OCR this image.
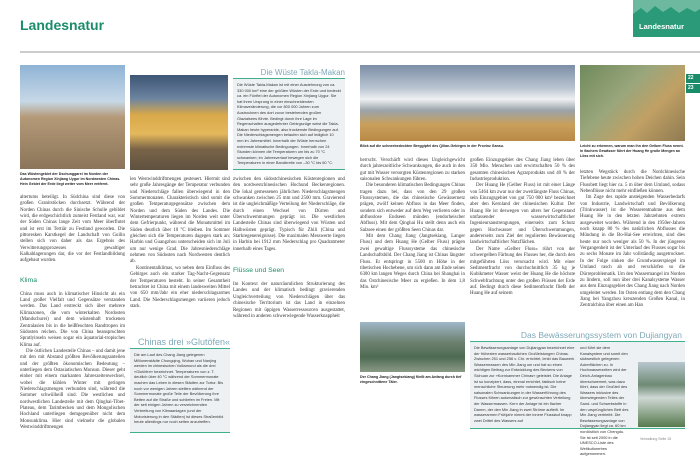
Landesnatur	Landesnatur
22
23
Das Wüstengebiet der Dschunggarei im Norden der Autonomen Region Xinjiang Uygur im Nordwesten Chinas. Hein Gebiet der Erde liegt weiter vom Meer entfernt.

altertums beteiligt. In Südchina sind diese von großen Granitstöcken durchsetzt. Während der Norden Chinas durch die Sinische Scholle gebildet wird, die erdgeschichtlich zumeist Festland war, war der Süden Chinas lange Zeit vom Meer überflutet und ist erst im Tertiär zu Festland geworden. Die pittoresken Karstkegel der Landschaft von Guilin stellen sich von daher als das Ergebnis des Verwitterungsprozesses gewaltiger Kalkablagerungen dar, die vor der Festlandbildung aufgebaut wurden.

Klima

China muss auch in klimatischer Hinsicht als ein Land großer Vielfalt und Gegensätze verstanden werden. Das Land erstreckt sich über mehrere Klimazonen, die vom winterkalten Nordosten (Mandschurei) und dem wüstenhaft trockenen Zentralasien bis in die heißfeuchten Randtropen im Südosten reichen. Die von China beanspruchten Spratlyinseln weisen sogar ein äquatorial-tropisches Klima auf.

Die östlichen Landesteile Chinas – und damit jene mit den mit Abstand größten Bevölkerungsanteilen und der größten ökonomischen Bedeutung – unterliegen dem Ostasiatischen Monsun. Dieser geht einher mit einem markanten Jahreszeitenwechsel, wobei die kühlen Winter mit geringen Niederschlagsmengen verbunden sind, während die Sommer schwülheiß sind. Die westlichen und nordwestlichen Landesteile mit dem Qinghai-Tibet-Plateau, dem Tarimbecken und dem Mongolischen Hochland unterliegen demgegenüber nicht dem Monsunklima. Hier sind vielmehr die globalen Westwinddriftmengen

len Westwinddriftmengen gesteuert. Hiermit sind sehr große Jahresgänge der Temperatur verbunden und Niederschläge fallen überwiegend in den Sommermonaten. Charakteristisch sind somit die großen Temperaturgegensätze zwischen dem Norden und dem Süden des Landes. Die Wintertemperaturen liegen im Norden weit unter dem Gefrierpunkt, während die Monatsmittel im Süden deutlich über 10 °C bleiben. Im Sommer gleichen sich die Temperaturen dagegen stark an; Harbin und Guangzhou unterscheiden sich im Juli um nur wenige Grad. Die Jahresniederschläge nehmen von Südosten nach Nordwesten deutlich ab.

Kontinentalklimas, wo neben dem Einfluss des Gebirges auch ein starker Tag-Nacht-Gegensatz der Temperaturen besteht. In seiner Gesamtheit betrachtet ist China mit einem landesweiten Mittel von 650 mm/Jahr ein eher niederschlagsarmes Land. Die Niederschlagsmengen variieren jedoch stark.

Chinas drei »Glutöfen«
Die am Lauf des Chang Jiang gelegenen Millionenstädte Chongqing, Wuhan und Nanjing werden im chinesischen Volksmund als die drei »Glutöfen« bezeichnet. Temperaturen von z. T. deutlich über 40 °C während der Sommermonate machen das Leben in diesen Städten zur Tortur. Bis noch vor wenigen Jahren stellten während der Sommermonate große Teile der Bevölkerung ihre Betten auf die Straße und schliefen im Freien. Mit der seit einigen Jahren zu verzeichnenden Verbreitung von Klimaanlagen (und der Motorisierung in den Städten) ist dieses Straßenbild heute allerdings nur noch selten anzutreffen.
Die Wüste Takla-Makan
Die Wüste Takla-Makan ist mit einer Ausdehnung von ca. 330 000 km² eine der größten Wüsten der Erde und bedeckt ca. ein Fünftel der Autonomen Region Xinjiang Uygur. Sie hat ihren Ursprung in einer einschneidenden Klimaveränderung, die vor 800 000 Jahren zum Austrocknen des dort zuvor bestehenden großen Glazialsees führte. Bedingt durch ihre Lage im Regenschatten ausgedehnter Gebirgszüge weist die Takla-Makan heute hyperaride, also trockenste Bedingungen auf. Die Niederschlagsmengen belaufen sich auf lediglich 10 mm im Jahresmittel. Innerhalb der Wüste herrschen extremste klimatische Bedingungen. Innerhalb von 24 Stunden können die Temperaturen um bis zu 70 °C schwanken; im Jahresverlauf bewegen sich die Temperaturen in einer Bandbreite von –30 °C bis 60 °C.

zwischen den südostchinesischen Küstenregionen und den nordwestchinesischen Hochund Beckenregionen. Die lokal gemessenen jährlichen Niederschlagsmengen schwanken zwischen 25 mm und 2500 mm. Gravierend ist die ungleichmäßige Verteilung der Niederschläge, die durch einen Wechsel von Dürren und Überschwemmungen geprägt ist. Die westlichen Landesteile Chinas sind überwiegend von Wüsten und Halbwüsten geprägt. Typisch für Zhili (China und Starkregenereignisse). Die maximalen Messwerte liegen in Harbin bei 1912 mm Niederschlag pro Quadratmeter innerhalb eines Tages.

Flüsse und Seen

Im Kontext der naturräumlichen Strukturierung des Landes und der klimatisch bedingt gravierenden Ungleichverteilung von Niederschlägen über das chinesische Territorium ist das Land in einzelnen Regionen mit üppigen Wasserressourcen ausgestattet, während in anderen schwerwiegende Wasserknappheit

Blick auf die schneebedeckten Berggipfel des Qilian-Gebirges in der Provinz Gansu.	Leicht zu erkennen, warum man ihn den Gelben Fluss nennt. In flachem Gewässer führt der Huang He große Mengen an Löss mit sich.

herrscht. Verschärft wird dieses Ungleichgewicht durch jahreszeitliche Schwankungen, die auch in den gut mit Wasser versorgten Küstenregionen zu starken saisonalen Schwankungen führen.

Die besonderen klimatischen Bedingungen Chinas tragen dazu bei, dass von den 29 großen Flusssystemen, die das chinesische Gewässernetz prägen, zwölf keinen Abfluss in das Meer finden, sondern sich entweder auf dem Weg verlieren oder in abflusslose Endseen münden (endorheischer Abfluss). Mit dem Qinghai Hu stellt denn auch ein Salzsee einen der größten Seen Chinas dar.

Mit dem Chang Jiang (Jangtsekiang, Langer Fluss) und dem Huang He (Gelber Fluss) prägen zwei gewaltige Flusssysteme das chinesische Landschaftsbild. Der Chang Jiang ist Chinas längster Fluss. Er entspringt in 5500 m Höhe in der tibetischen Hochebene, um sich dann am Ende seines 6300 km langen Weges durch China bei Shanghai in das Ostchinesische Meer zu ergießen. In dem 1,8 Mio. km²

Der Chang Jiang (Jangtsekiang) fließt am Anfang durch tief eingeschnittene Täler.

großen Einzugsgebiet des Chang Jiang leben über 350 Mio. Menschen und erwirtschaften 50 % des gesamten chinesischen Agrarprodukts und 40 % der Industrieproduktion.

Der Huang He (Gelber Fluss) ist mit einer Länge von 5464 km zwar nur der zweitlängste Fluss Chinas, sein Einzugsgebiet von gut 750 000 km² bezeichnet aber den Kernland der chinesischen Kultur. Der Huang He ist deswegen von alters her Gegenstand umfassender wasserwirtschaftlicher Ingenieursanstrengungen, einerseits zum Schutz gegen Hochwasser und Überschwemmungen, andererseits zum Ziel der regulierten Bewässerung landwirtschaftlicher Nutzflächen.

Der Name »Gelber Fluss« rührt von der schwergelben Färbung des Flusses her, die durch den mitgeführten Löss verursacht wird. Mit einer Sedimentfracht von durchschnittlich 35 kg je Kubikmeter Wasser weist der Huang He die höchste Schwebfrachtung unter den großen Flüssen der Erde auf. Bedingt durch diese Sedimentfracht fließt der Huang He auf seinem

letzten Wegstück durch die Nordchinesische Tiefebene heute zwischen hohen Deichen dahin. Sein Flussbett liegt hier ca. 5 m über dem Umland, sodass Nebenflüsse nicht mehr einfließen können.

Im Zuge des rapide ansteigenden Wasserbedarfs von Industrie, Landwirtschaft und Bevölkerung (Trinkwasser) ist die Wasserentnahme aus dem Huang He in den letzten Jahrzehnten extrem ausgeweitet worden. Während in den 1950er-Jahren noch knapp 80 % des natürlichen Abflusses die Mündung in die Bo-Hai-See erreichten, sind dies heute nur noch weniger als 50 %. In der jüngeren Vergangenheit ist der Unterlauf des Flusses sogar bis zu sechs Monate im Jahr vollständig ausgetrocknet. In der Folge sinken die Grundwasserspiegel im Umland rasch ab und verschärfen so die Dürreproblematik. Um den Wassermangel im Norden zu lindern, soll nun über drei Kanalsysteme Wasser aus dem Einzugsgebiet des Chang Jiang nach Norden umgeleitet werden. Im Osten entlang dem den Chang Jiang bei Yangzhou kreuzenden Großen Kanal, in Zentralchina über einen am Han

Das Bewässerungssystem von Dujiangyan
Die Bewässerungsanlage von Dujiangyan bezeichnet eine der frühesten wasserbaulichen Großleistungen Chinas. Zwischen 251 und 256 v. Chr. errichtet, lenkt das Bauwerk Wassermassen des Min Jiang um und hat so einen wichtigen Beitrag zur Entwicklung des Beckens von Sichuan zur »Kornkammer Chinas« geleistet. Die Anlage ist so konzipiert, dass, einmal errichtet, faktisch keine menschliche Steuerung mehr notwendig ist. Die saisonalen Schwankungen in der Wasserführung des Flusses führen automatisch zur gewünschten Verteilung der Wassermassen. Kern der Anlage ist ein flacher Damm, der den Min Jiang in zwei Ströme aufteilt. Im wasserarmen Frühjahr nimmt der innere Flusslauf knapp zwei Drittel des Wassers auf
und führt sie dem Kanalsystem und somit den südwestlich gelegenen Ackerflächen zu. In Hochwasserzeiten wird der Deich-Anlagenbau überschwemmt, was dazu führt, dass der Großteil des Wassers inklusive des überwiegenden Teiles der Sand- und Schwebstoffe in den ursprünglichen Bett des Min Jiang verbleibt. Die Bewässerungsanlage von Dujiangyan liegt ca. 60 km nordöstlich von Chengdu. Sie ist seit 2000 in die UNESCO-Liste des Weltkulturerbes aufgenommen.
Verwaltung Seite 15
